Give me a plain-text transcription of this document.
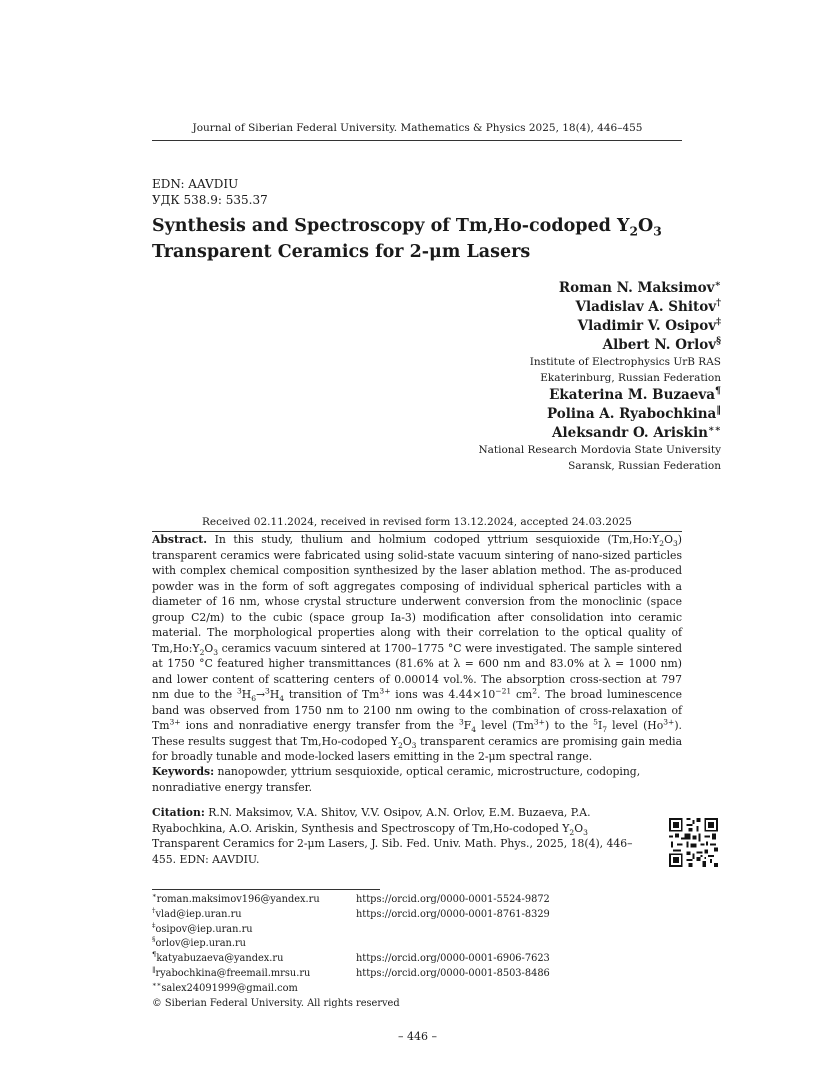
Journal of Siberian Federal University. Mathematics & Physics 2025, 18(4), 446–455
EDN: AAVDIU
УДК 538.9: 535.37
Synthesis and Spectroscopy of Tm,Ho-codoped $Y_2O_3$
Transparent Ceramics for 2-μm Lasers

Roman N. Maksimov∗

Vladislav A. Shitov†

Vladimir V. Osipov‡

Albert N. Orlov§

Institute of Electrophysics UrB RAS

Ekaterinburg, Russian Federation

Ekaterina M. Buzaeva¶

Polina A. Ryabochkina‖

Aleksandr O. Ariskin∗∗

National Research Mordovia State University

Saransk, Russian Federation

Received 02.11.2024, received in revised form 13.12.2024, accepted 24.03.2025
Abstract. In this study, thulium and holmium codoped yttrium sesquioxide $(Tm,Ho:Y_2O_3)$ transparent ceramics were fabricated using solid-state vacuum sintering of nano-sized particles with complex chemical composition synthesized by the laser ablation method. The as-produced powder was in the form of soft aggregates composing of individual spherical particles with a diameter of 16 nm, whose crystal structure underwent conversion from the monoclinic (space group C2/m) to the cubic (space group Ia-3) modification after consolidation into ceramic material. The morphological properties along with their correlation to the optical quality of $Tm,Ho:Y_2O_3$ ceramics vacuum sintered at 1700–1775 °C were investigated. The sample sintered at 1750 °C featured higher transmittances (81.6% at λ = 600 nm and 83.0% at λ = 1000 nm) and lower content of scattering centers of 0.00014 vol.%. The absorption cross-section at 797 nm due to the $^3H_6\to^3H_4$ transition of $Tm^{3+}$ ions was $4.44\times 10^{-21}$ $cm^2$. The broad luminescence band was observed from 1750 nm to 2100 nm owing to the combination of cross-relaxation of $Tm^{3+}$ ions and nonradiative energy transfer from the $^3F_4$ level $(Tm^{3+})$ to the $^5I_7$ level $(Ho^{3+})$. These results suggest that Tm,Ho-codoped $Y_2O_3$ transparent ceramics are promising gain media for broadly tunable and mode-locked lasers emitting in the 2-μm spectral range.
Keywords: nanopowder, yttrium sesquioxide, optical ceramic, microstructure, codoping, nonradiative energy transfer.
Citation: R.N. Maksimov, V.A. Shitov, V.V. Osipov, A.N. Orlov, E.M. Buzaeva, P.A. Ryabochkina, A.O. Ariskin, Synthesis and Spectroscopy of Tm,Ho-codoped $Y_2O_3$ Transparent Ceramics for 2-μm Lasers, J. Sib. Fed. Univ. Math. Phys., 2025, 18(4), 446–455. EDN: AAVDIU.
∗roman.maksimov196@yandex.ru	https://orcid.org/0000-0001-5524-9872
†vlad@iep.uran.ru	https://orcid.org/0000-0001-8761-8329
‡osipov@iep.uran.ru
§orlov@iep.uran.ru
¶katyabuzaeva@yandex.ru	https://orcid.org/0000-0001-6906-7623
‖ryabochkina@freemail.mrsu.ru	https://orcid.org/0000-0001-8503-8486
∗∗salex24091999@gmail.com
© Siberian Federal University. All rights reserved
– 446 –
